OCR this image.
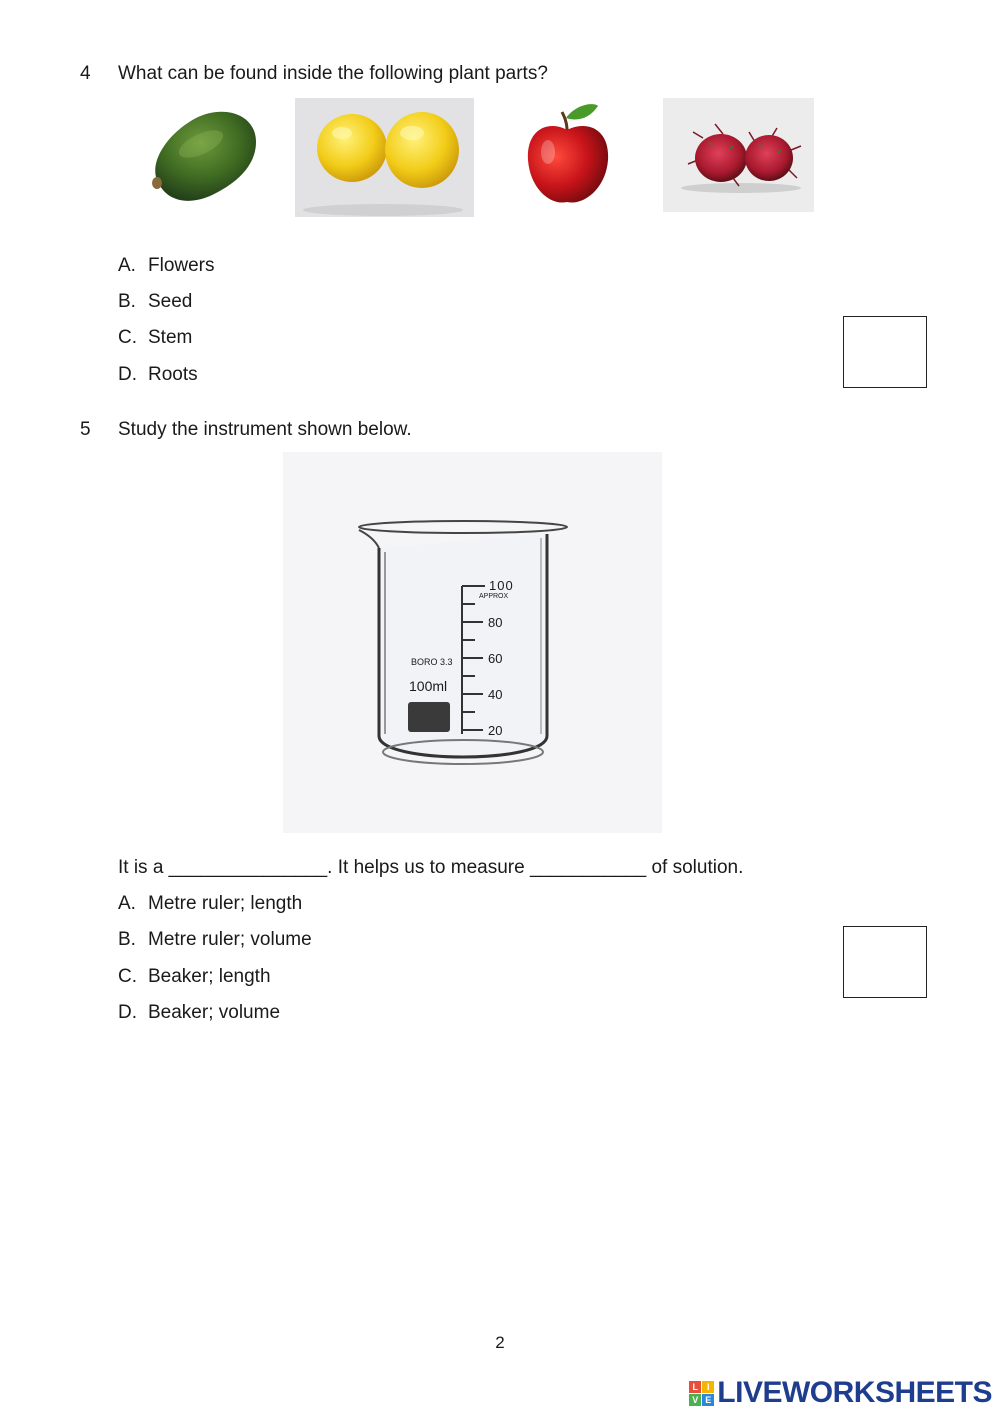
4 What can be found inside the following plant parts?
A. Flowers
B. Seed
C. Stem
D. Roots
5 Study the instrument shown below.
100
APPROX
80
60
40
20
BORO 3.3
100ml
It is a _______________. It helps us to measure ___________ of solution.
A. Metre ruler; length
B. Metre ruler; volume
C. Beaker; length
D. Beaker; volume
2
L I
V E LIVEWORKSHEETS
